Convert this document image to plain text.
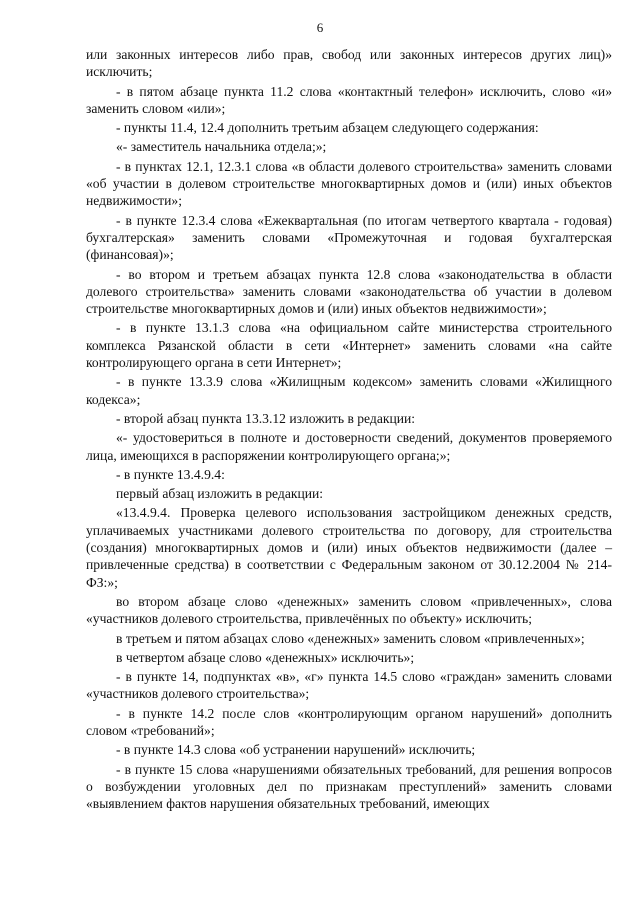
6

или законных интересов либо прав, свобод или законных интересов других лиц)» исключить;

- в пятом абзаце пункта 11.2 слова «контактный телефон» исключить, слово «и» заменить словом «или»;

- пункты 11.4, 12.4 дополнить третьим абзацем следующего содержания:

«- заместитель начальника отдела;»;

- в пунктах 12.1, 12.3.1 слова «в области долевого строительства» заменить словами «об участии в долевом строительстве многоквартирных домов и (или) иных объектов недвижимости»;

- в пункте 12.3.4 слова «Ежеквартальная (по итогам четвертого квартала - годовая) бухгалтерская» заменить словами «Промежуточная и годовая бухгалтерская (финансовая)»;

- во втором и третьем абзацах пункта 12.8 слова «законодательства в области долевого строительства» заменить словами «законодательства об участии в долевом строительстве многоквартирных домов и (или) иных объектов недвижимости»;

- в пункте 13.1.3 слова «на официальном сайте министерства строительного комплекса Рязанской области в сети «Интернет» заменить словами «на сайте контролирующего органа в сети Интернет»;

- в пункте 13.3.9 слова «Жилищным кодексом» заменить словами «Жилищного кодекса»;

- второй абзац пункта 13.3.12 изложить в редакции:

«- удостовериться в полноте и достоверности сведений, документов проверяемого лица, имеющихся в распоряжении контролирующего органа;»;

- в пункте 13.4.9.4:

первый абзац изложить в редакции:

«13.4.9.4. Проверка целевого использования застройщиком денежных средств, уплачиваемых участниками долевого строительства по договору, для строительства (создания) многоквартирных домов и (или) иных объектов недвижимости (далее – привлеченные средства) в соответствии с Федеральным законом от 30.12.2004 № 214-ФЗ:»;

во втором абзаце слово «денежных» заменить словом «привлеченных», слова «участников долевого строительства, привлечённых по объекту» исключить;

в третьем и пятом абзацах слово «денежных» заменить словом «привлеченных»;

в четвертом абзаце слово «денежных» исключить»;

- в пункте 14, подпунктах «в», «г» пункта 14.5 слово «граждан» заменить словами «участников долевого строительства»;

- в пункте 14.2 после слов «контролирующим органом нарушений» дополнить словом «требований»;

- в пункте 14.3 слова «об устранении нарушений» исключить;

- в пункте 15 слова «нарушениями обязательных требований, для решения вопросов о возбуждении уголовных дел по признакам преступлений» заменить словами «выявлением фактов нарушения обязательных требований, имеющих
